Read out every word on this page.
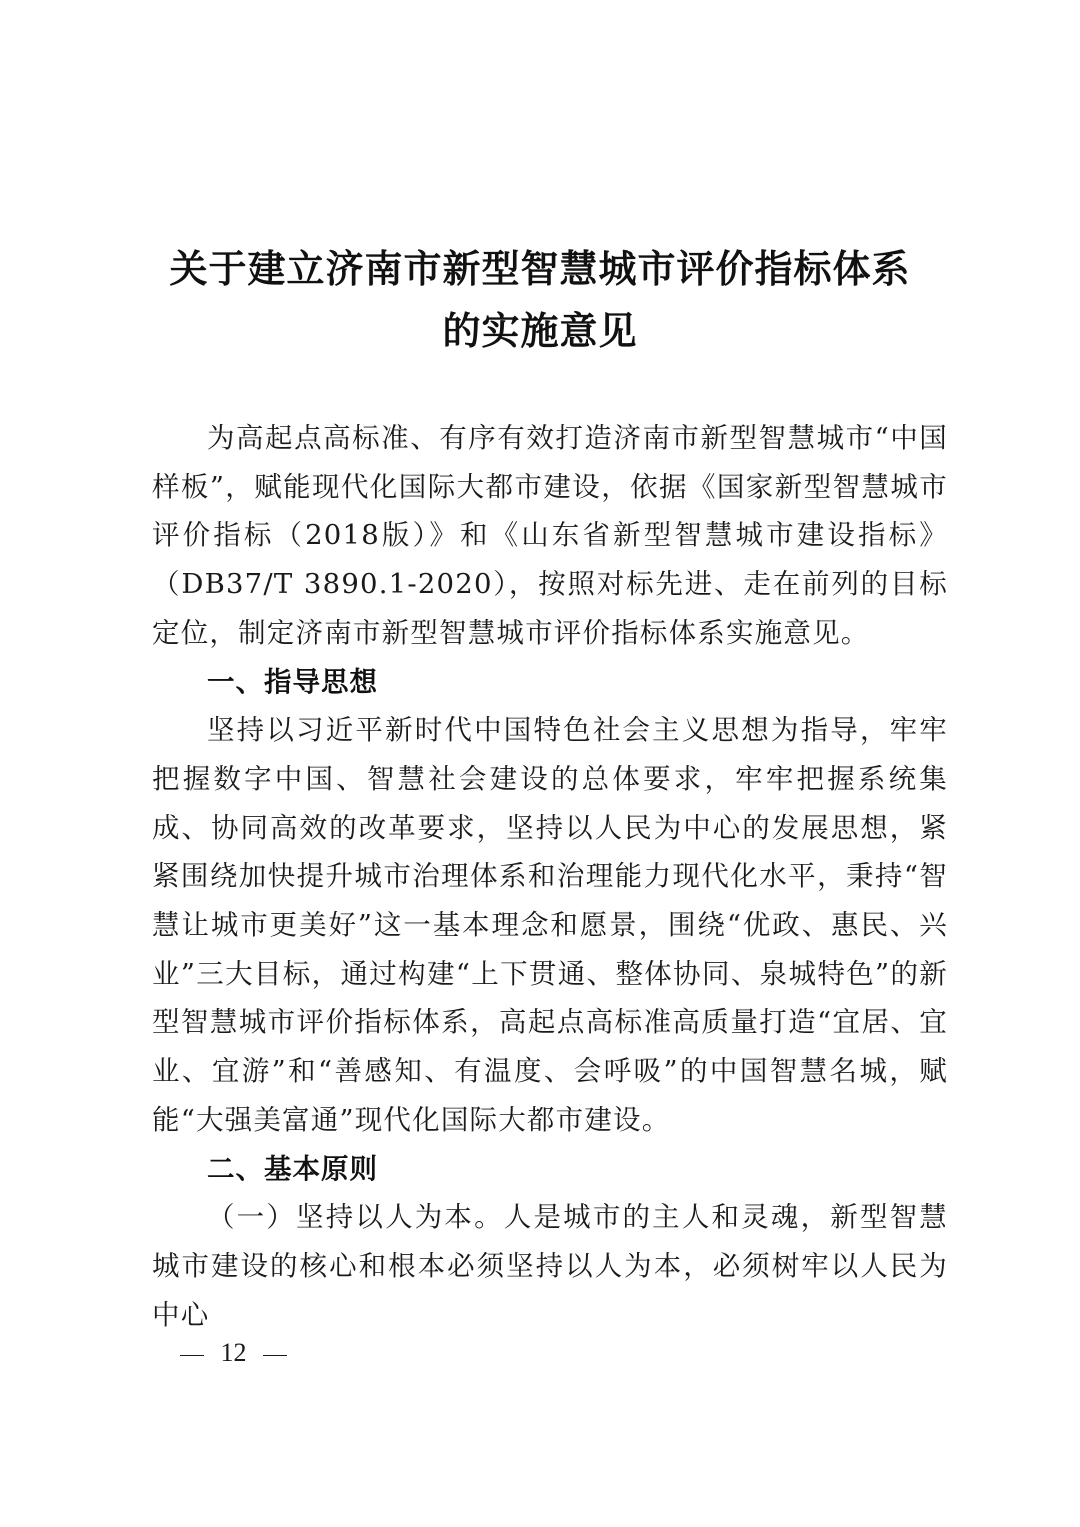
关于建立济南市新型智慧城市评价指标体系
的实施意见

为高起点高标准、有序有效打造济南市新型智慧城市“中国样板”，赋能现代化国际大都市建设，依据《国家新型智慧城市评价指标（2018版）》和《山东省新型智慧城市建设指标》（DB37/T 3890.1-2020），按照对标先进、走在前列的目标定位，制定济南市新型智慧城市评价指标体系实施意见。

一、指导思想

坚持以习近平新时代中国特色社会主义思想为指导，牢牢把握数字中国、智慧社会建设的总体要求，牢牢把握系统集成、协同高效的改革要求，坚持以人民为中心的发展思想，紧紧围绕加快提升城市治理体系和治理能力现代化水平，秉持“智慧让城市更美好”这一基本理念和愿景，围绕“优政、惠民、兴业”三大目标，通过构建“上下贯通、整体协同、泉城特色”的新型智慧城市评价指标体系，高起点高标准高质量打造“宜居、宜业、宜游”和“善感知、有温度、会呼吸”的中国智慧名城，赋能“大强美富通”现代化国际大都市建设。

二、基本原则

（一）坚持以人为本。人是城市的主人和灵魂，新型智慧城市建设的核心和根本必须坚持以人为本，必须树牢以人民为中心

12
